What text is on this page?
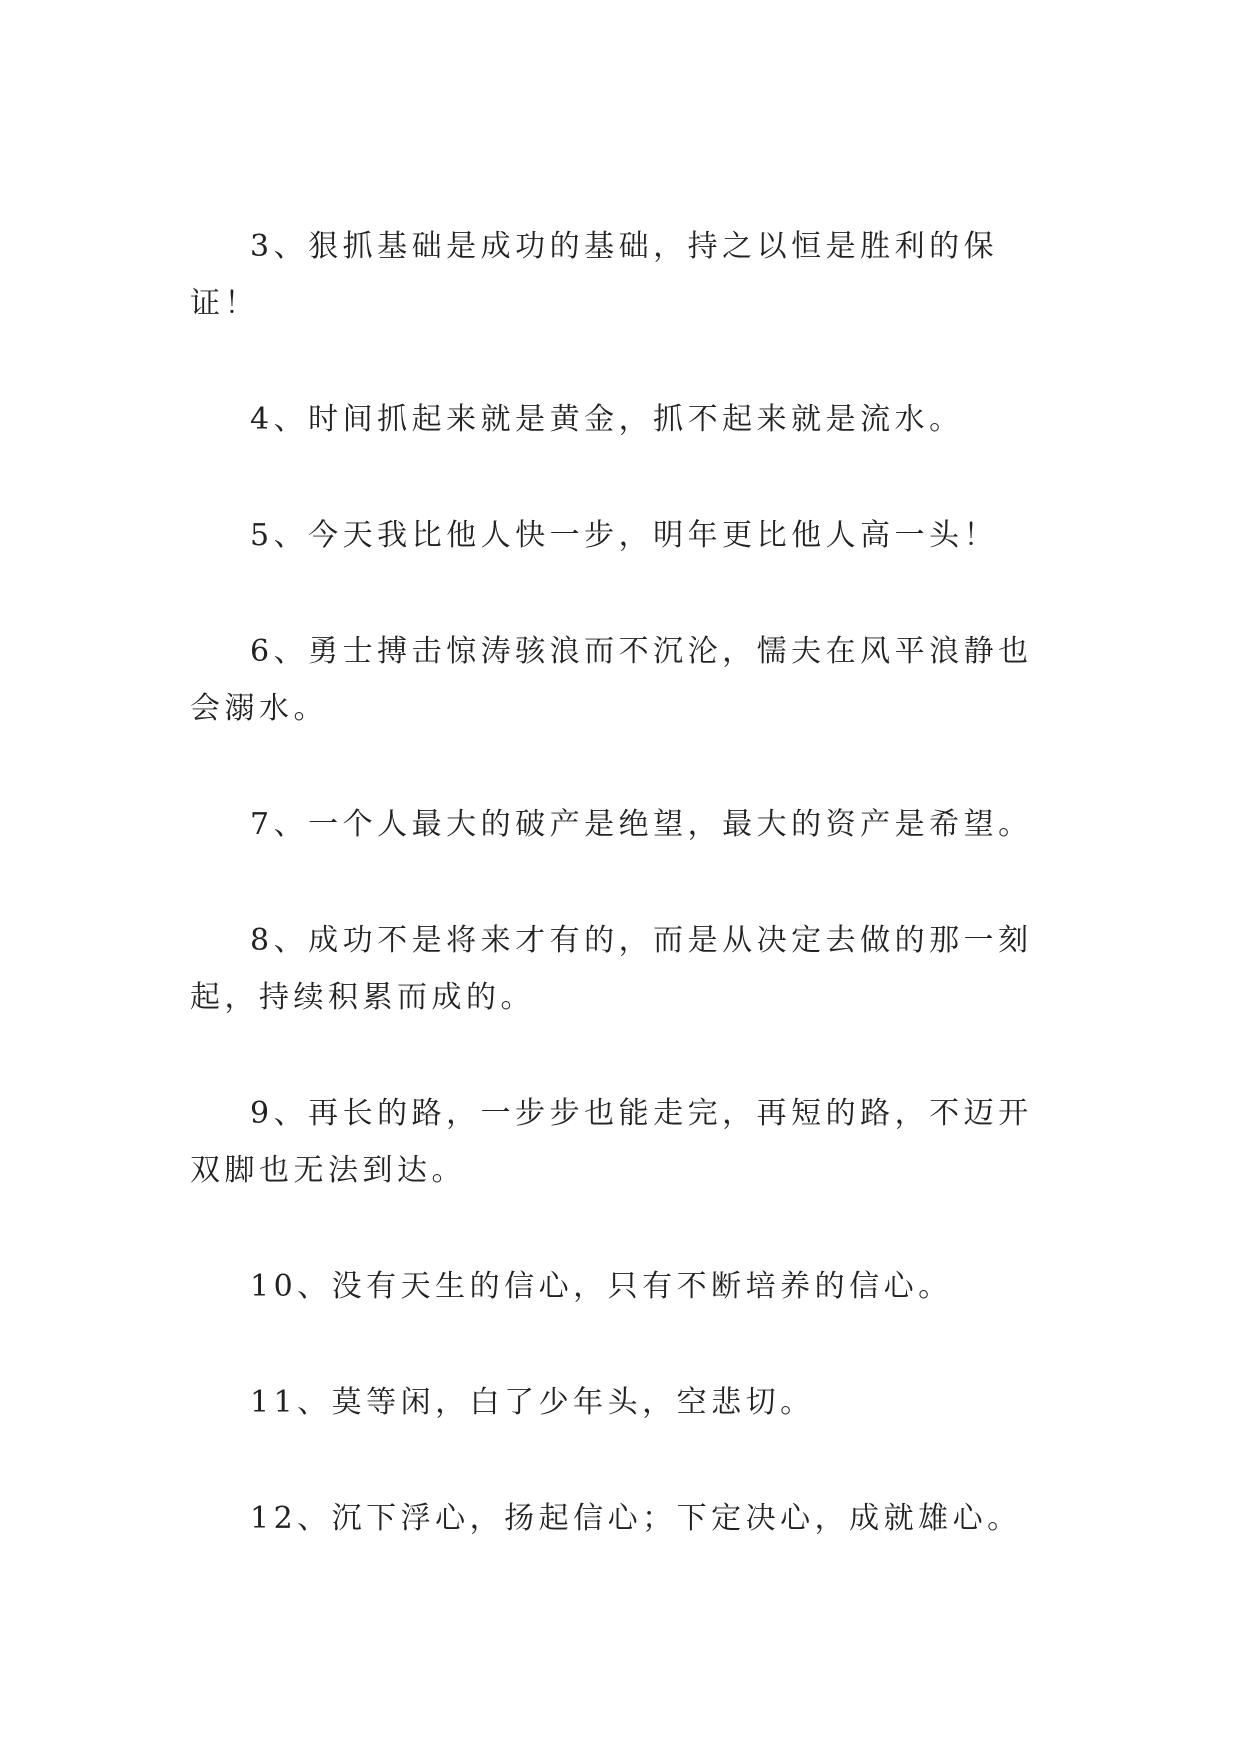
3、狠抓基础是成功的基础，持之以恒是胜利的保证！

4、时间抓起来就是黄金，抓不起来就是流水。

5、今天我比他人快一步，明年更比他人高一头！

6、勇士搏击惊涛骇浪而不沉沦，懦夫在风平浪静也会溺水。

7、一个人最大的破产是绝望，最大的资产是希望。

8、成功不是将来才有的，而是从决定去做的那一刻起，持续积累而成的。

9、再长的路，一步步也能走完，再短的路，不迈开双脚也无法到达。

10、没有天生的信心，只有不断培养的信心。

11、莫等闲，白了少年头，空悲切。

12、沉下浮心，扬起信心；下定决心，成就雄心。
